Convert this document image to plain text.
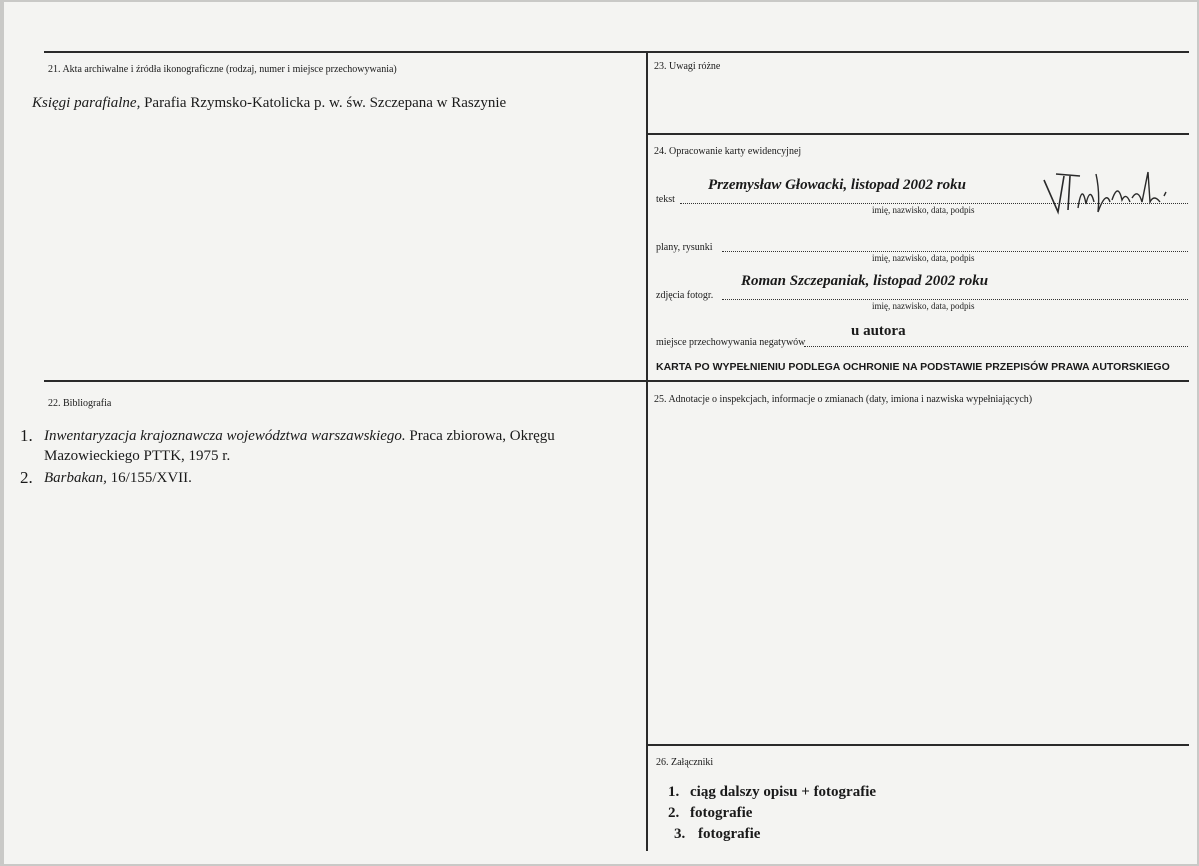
21. Akta archiwalne i źródła ikonograficzne (rodzaj, numer i miejsce przechowywania)
Księgi parafialne, Parafia Rzymsko-Katolicka p. w. św. Szczepana w Raszynie
23. Uwagi różne
24. Opracowanie karty ewidencyjnej
Przemysław Głowacki, listopad 2002 roku
tekst
imię, nazwisko, data, podpis
plany, rysunki
imię, nazwisko, data, podpis
Roman Szczepaniak, listopad 2002 roku
zdjęcia fotogr.
imię, nazwisko, data, podpis
u autora
miejsce przechowywania negatywów
KARTA PO WYPEŁNIENIU PODLEGA OCHRONIE NA PODSTAWIE PRZEPISÓW PRAWA AUTORSKIEGO
22. Bibliografia
1. Inwentaryzacja krajoznawcza województwa warszawskiego. Praca zbiorowa, Okręgu
Mazowieckiego PTTK, 1975 r.
2. Barbakan, 16/155/XVII.
25. Adnotacje o inspekcjach, informacje o zmianach (daty, imiona i nazwiska wypełniających)
26. Załączniki
1. ciąg dalszy opisu + fotografie
2. fotografie
3. fotografie
